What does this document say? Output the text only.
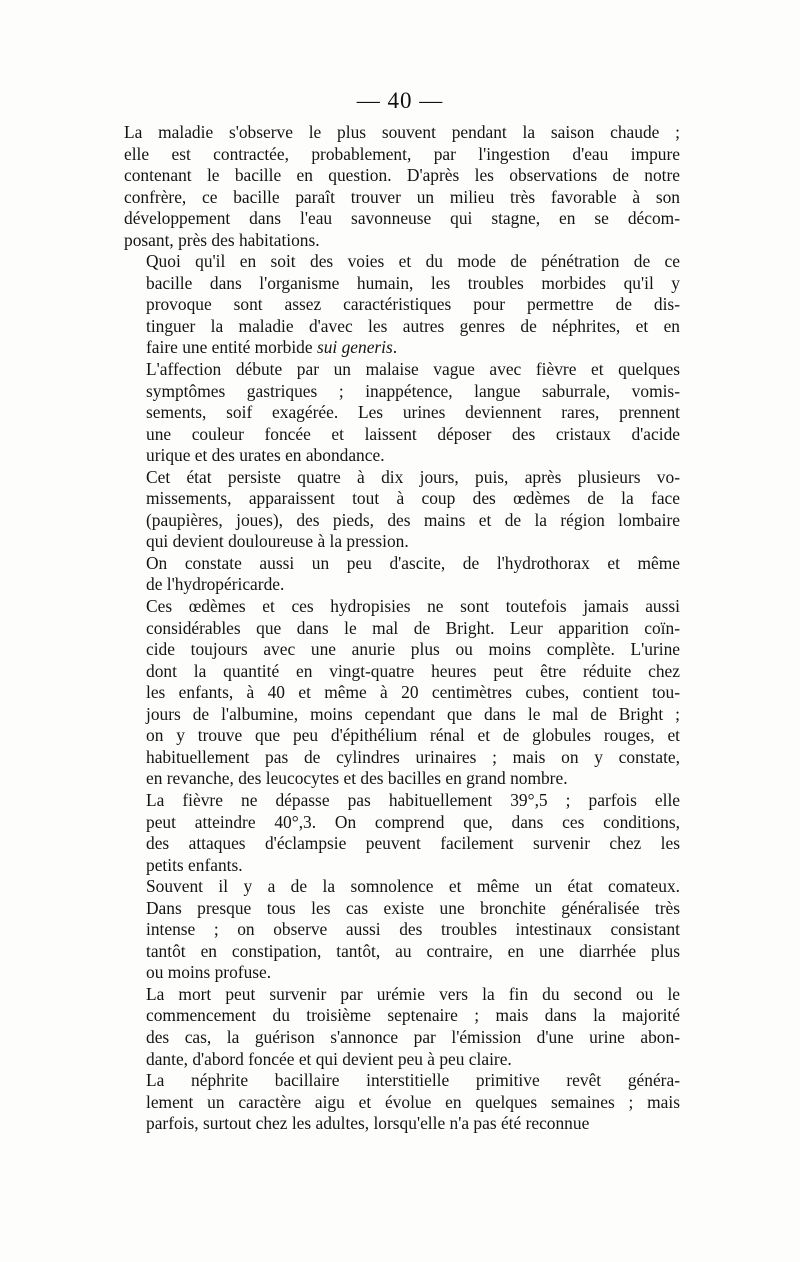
— 40 —
La maladie s'observe le plus souvent pendant la saison chaude ;
elle est contractée, probablement, par l'ingestion d'eau impure
contenant le bacille en question. D'après les observations de notre
confrère, ce bacille paraît trouver un milieu très favorable à son
développement dans l'eau savonneuse qui stagne, en se décom-
posant, près des habitations.
Quoi qu'il en soit des voies et du mode de pénétration de ce
bacille dans l'organisme humain, les troubles morbides qu'il y
provoque sont assez caractéristiques pour permettre de dis-
tinguer la maladie d'avec les autres genres de néphrites, et en
faire une entité morbide sui generis.
L'affection débute par un malaise vague avec fièvre et quelques
symptômes gastriques ; inappétence, langue saburrale, vomis-
sements, soif exagérée. Les urines deviennent rares, prennent
une couleur foncée et laissent déposer des cristaux d'acide
urique et des urates en abondance.
Cet état persiste quatre à dix jours, puis, après plusieurs vo-
missements, apparaissent tout à coup des œdèmes de la face
(paupières, joues), des pieds, des mains et de la région lombaire
qui devient douloureuse à la pression.
On constate aussi un peu d'ascite, de l'hydrothorax et même
de l'hydropéricarde.
Ces œdèmes et ces hydropisies ne sont toutefois jamais aussi
considérables que dans le mal de Bright. Leur apparition coïn-
cide toujours avec une anurie plus ou moins complète. L'urine
dont la quantité en vingt-quatre heures peut être réduite chez
les enfants, à 40 et même à 20 centimètres cubes, contient tou-
jours de l'albumine, moins cependant que dans le mal de Bright ;
on y trouve que peu d'épithélium rénal et de globules rouges, et
habituellement pas de cylindres urinaires ; mais on y constate,
en revanche, des leucocytes et des bacilles en grand nombre.
La fièvre ne dépasse pas habituellement 39°,5 ; parfois elle
peut atteindre 40°,3. On comprend que, dans ces conditions,
des attaques d'éclampsie peuvent facilement survenir chez les
petits enfants.
Souvent il y a de la somnolence et même un état comateux.
Dans presque tous les cas existe une bronchite généralisée très
intense ; on observe aussi des troubles intestinaux consistant
tantôt en constipation, tantôt, au contraire, en une diarrhée plus
ou moins profuse.
La mort peut survenir par urémie vers la fin du second ou le
commencement du troisième septenaire ; mais dans la majorité
des cas, la guérison s'annonce par l'émission d'une urine abon-
dante, d'abord foncée et qui devient peu à peu claire.
La néphrite bacillaire interstitielle primitive revêt généra-
lement un caractère aigu et évolue en quelques semaines ; mais
parfois, surtout chez les adultes, lorsqu'elle n'a pas été reconnue
